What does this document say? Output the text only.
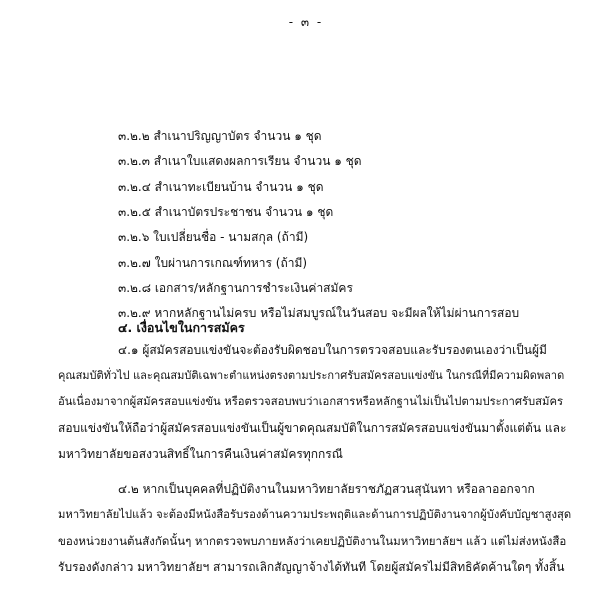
- ๓ -
๓.๒.๒ สำเนาปริญญาบัตร จำนวน ๑ ชุด
๓.๒.๓ สำเนาใบแสดงผลการเรียน จำนวน ๑ ชุด
๓.๒.๔ สำเนาทะเบียนบ้าน จำนวน ๑ ชุด
๓.๒.๕ สำเนาบัตรประชาชน จำนวน ๑ ชุด
๓.๒.๖ ใบเปลี่ยนชื่อ - นามสกุล (ถ้ามี)
๓.๒.๗ ใบผ่านการเกณฑ์ทหาร (ถ้ามี)
๓.๒.๘ เอกสาร/หลักฐานการชำระเงินค่าสมัคร
๓.๒.๙ หากหลักฐานไม่ครบ หรือไม่สมบูรณ์ในวันสอบ จะมีผลให้ไม่ผ่านการสอบ
๔. เงื่อนไขในการสมัคร
๔.๑ ผู้สมัครสอบแข่งขันจะต้องรับผิดชอบในการตรวจสอบและรับรองตนเองว่าเป็นผู้มี
คุณสมบัติทั่วไป และคุณสมบัติเฉพาะตำแหน่งตรงตามประกาศรับสมัครสอบแข่งขัน ในกรณีที่มีความผิดพลาด
อันเนื่องมาจากผู้สมัครสอบแข่งขัน หรือตรวจสอบพบว่าเอกสารหรือหลักฐานไม่เป็นไปตามประกาศรับสมัคร
สอบแข่งขันให้ถือว่าผู้สมัครสอบแข่งขันเป็นผู้ขาดคุณสมบัติในการสมัครสอบแข่งขันมาตั้งแต่ต้น และ
มหาวิทยาลัยขอสงวนสิทธิ์ในการคืนเงินค่าสมัครทุกกรณี
๔.๒ หากเป็นบุคคลที่ปฏิบัติงานในมหาวิทยาลัยราชภัฏสวนสุนันทา หรือลาออกจาก
มหาวิทยาลัยไปแล้ว จะต้องมีหนังสือรับรองด้านความประพฤติและด้านการปฏิบัติงานจากผู้บังคับบัญชาสูงสุด
ของหน่วยงานต้นสังกัดนั้นๆ หากตรวจพบภายหลังว่าเคยปฏิบัติงานในมหาวิทยาลัยฯ แล้ว แต่ไม่ส่งหนังสือ
รับรองดังกล่าว มหาวิทยาลัยฯ สามารถเลิกสัญญาจ้างได้ทันที โดยผู้สมัครไม่มีสิทธิคัดค้านใดๆ ทั้งสิ้น
